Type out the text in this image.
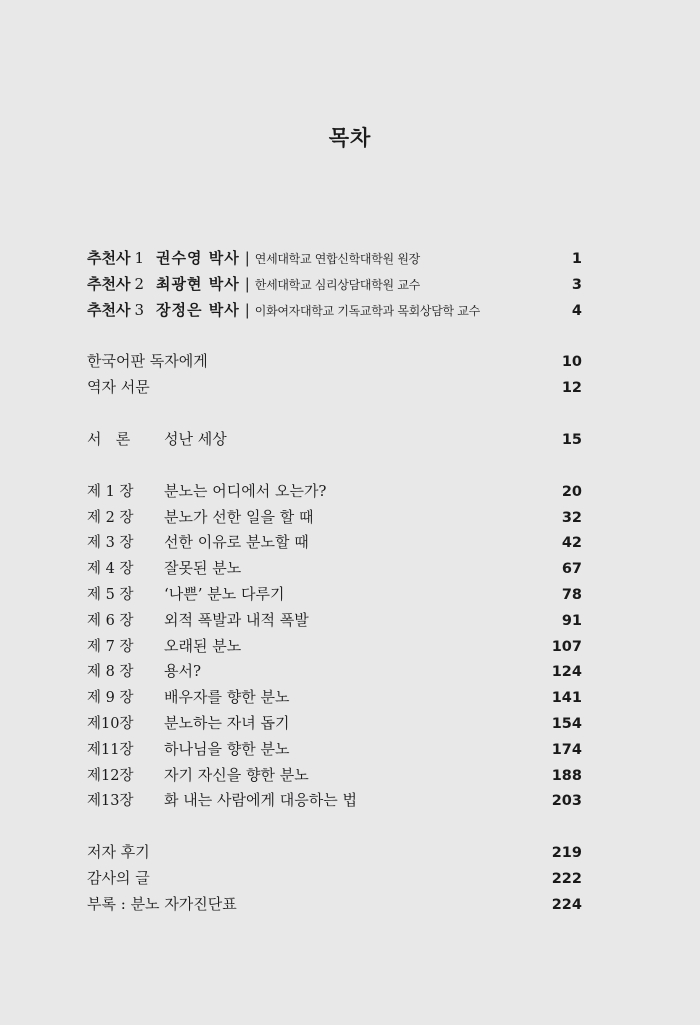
목차
추천사 1 권수영 박사 | 연세대학교 연합신학대학원 원장	1
추천사 2 최광현 박사 | 한세대학교 심리상담대학원 교수	3
추천사 3 장정은 박사 | 이화여자대학교 기독교학과 목회상담학 교수	4
한국어판 독자에게	10
역자 서문	12
서   론	성난 세상	15
제 1 장	분노는 어디에서 오는가?	20
제 2 장	분노가 선한 일을 할 때	32
제 3 장	선한 이유로 분노할 때	42
제 4 장	잘못된 분노	67
제 5 장	‘나쁜’ 분노 다루기	78
제 6 장	외적 폭발과 내적 폭발	91
제 7 장	오래된 분노	107
제 8 장	용서?	124
제 9 장	배우자를 향한 분노	141
제10장	분노하는 자녀 돕기	154
제11장	하나님을 향한 분노	174
제12장	자기 자신을 향한 분노	188
제13장	화 내는 사람에게 대응하는 법	203
저자 후기	219
감사의 글	222
부록 : 분노 자가진단표	224
